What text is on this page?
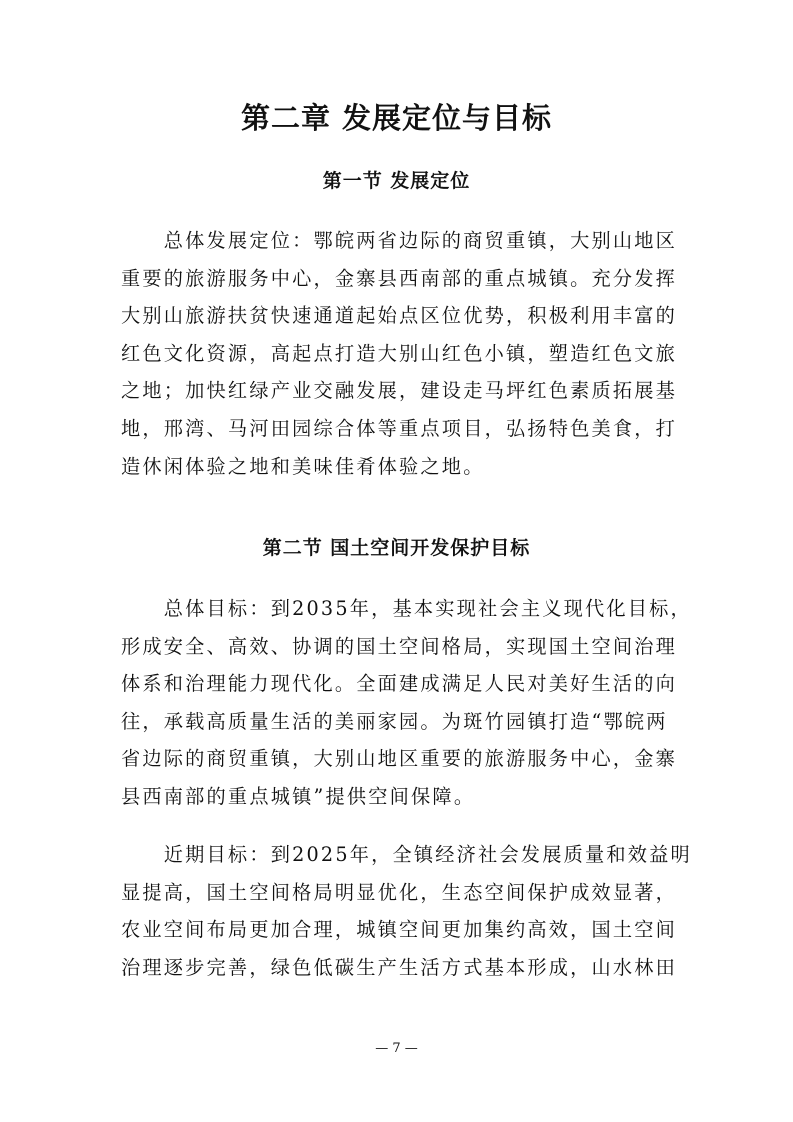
第二章 发展定位与目标
第一节 发展定位
　　总体发展定位：鄂皖两省边际的商贸重镇，大别山地区
重要的旅游服务中心，金寨县西南部的重点城镇。充分发挥
大别山旅游扶贫快速通道起始点区位优势，积极利用丰富的
红色文化资源，高起点打造大别山红色小镇，塑造红色文旅
之地；加快红绿产业交融发展，建设走马坪红色素质拓展基
地，邢湾、马河田园综合体等重点项目，弘扬特色美食，打
造休闲体验之地和美味佳肴体验之地。
第二节 国土空间开发保护目标
　　总体目标：到2035年，基本实现社会主义现代化目标，
形成安全、高效、协调的国土空间格局，实现国土空间治理
体系和治理能力现代化。全面建成满足人民对美好生活的向
往，承载高质量生活的美丽家园。为斑竹园镇打造“鄂皖两
省边际的商贸重镇，大别山地区重要的旅游服务中心，金寨
县西南部的重点城镇”提供空间保障。
　　近期目标：到2025年，全镇经济社会发展质量和效益明
显提高，国土空间格局明显优化，生态空间保护成效显著，
农业空间布局更加合理，城镇空间更加集约高效，国土空间
治理逐步完善，绿色低碳生产生活方式基本形成，山水林田

— 7 —
